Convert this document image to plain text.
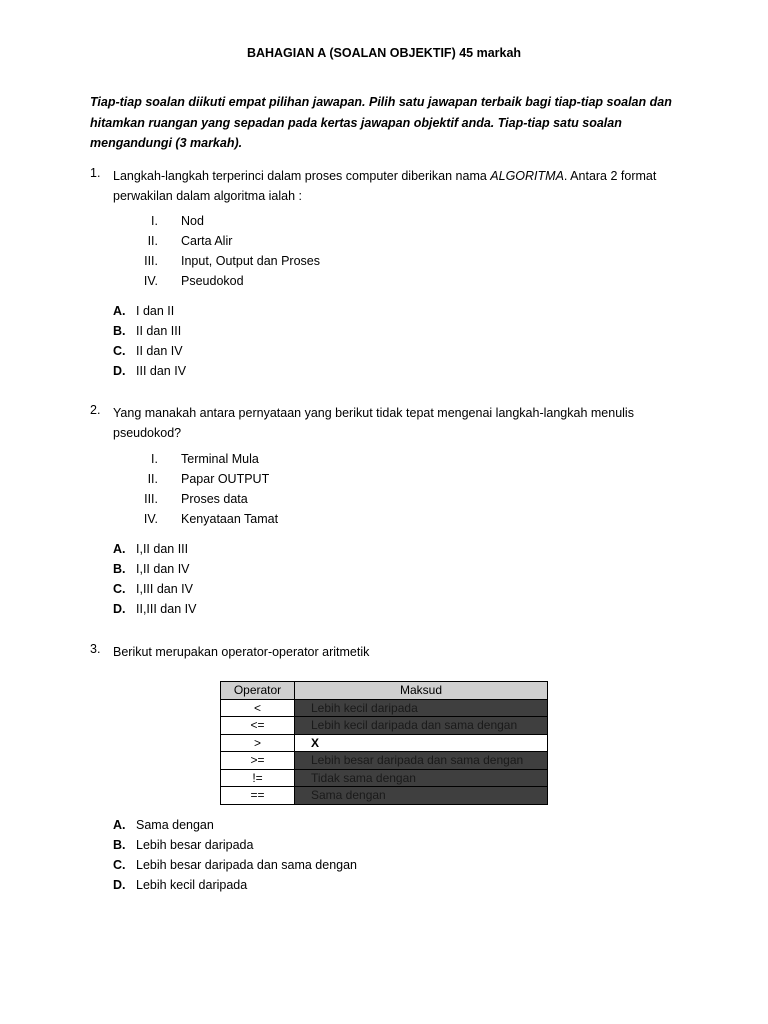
BAHAGIAN A (SOALAN OBJEKTIF) 45 markah
Tiap-tiap soalan diikuti empat pilihan jawapan. Pilih satu jawapan terbaik bagi tiap-tiap soalan dan hitamkan ruangan yang sepadan pada kertas jawapan objektif anda. Tiap-tiap satu soalan mengandungi (3 markah).
1. Langkah-langkah terperinci dalam proses computer diberikan nama ALGORITMA. Antara 2 format perwakilan dalam algoritma ialah :
I. Nod
II. Carta Alir
III. Input, Output dan Proses
IV. Pseudokod
A. I dan II
B. II dan III
C. II dan IV
D. III dan IV
2. Yang manakah antara pernyataan yang berikut tidak tepat mengenai langkah-langkah menulis pseudokod?
I. Terminal Mula
II. Papar OUTPUT
III. Proses data
IV. Kenyataan Tamat
A. I,II dan III
B. I,II dan IV
C. I,III dan IV
D. II,III dan IV
3. Berikut merupakan operator-operator aritmetik
Operator	Maksud
<	Lebih kecil daripada
<=	Lebih kecil daripada dan sama dengan
>	X
>=	Lebih besar daripada dan sama dengan
!=	Tidak sama dengan
==	Sama dengan
A. Sama dengan
B. Lebih besar daripada
C. Lebih besar daripada dan sama dengan
D. Lebih kecil daripada
